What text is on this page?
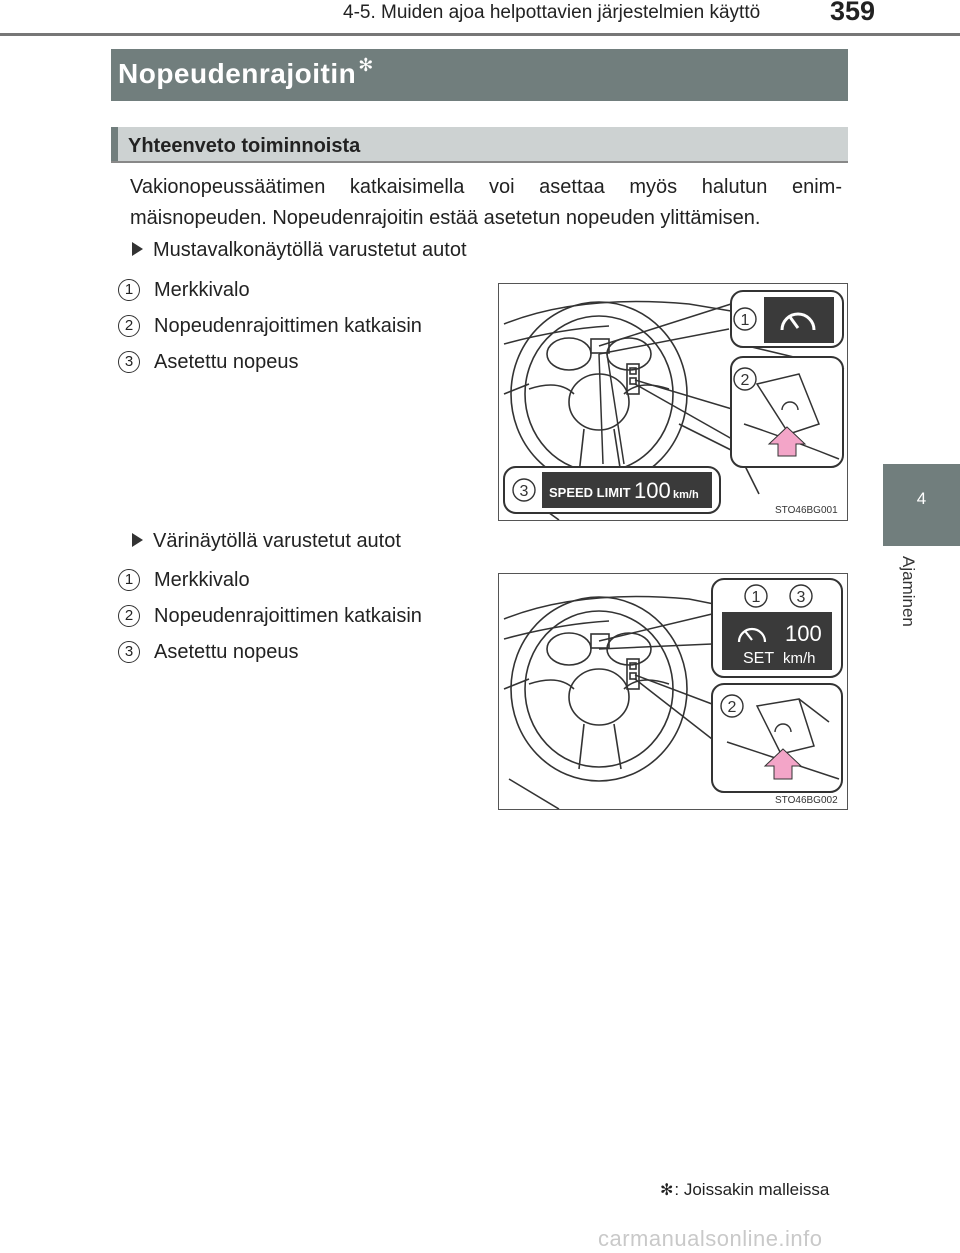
4-5. Muiden ajoa helpottavien järjestelmien käyttö	359
4
Ajaminen
Nopeudenrajoitin ✻
Yhteenveto toiminnoista

Vakionopeussäätimen katkaisimella voi asettaa myös halutun enim-mäisnopeuden. Nopeudenrajoitin estää asetetun nopeuden ylittämisen.

Mustavalkonäytöllä varustetut autot
1 Merkkivalo
2 Nopeudenrajoittimen katkaisin
3 Asetettu nopeus
3 SPEED LIMIT 100 km/h
1
2
STO46BG001
Värinäytöllä varustetut autot
1 Merkkivalo
2 Nopeudenrajoittimen katkaisin
3 Asetettu nopeus	SET
100
km/h
1 3
2
STO46BG002
✻: Joissakin malleissa
carmanualsonline.info
